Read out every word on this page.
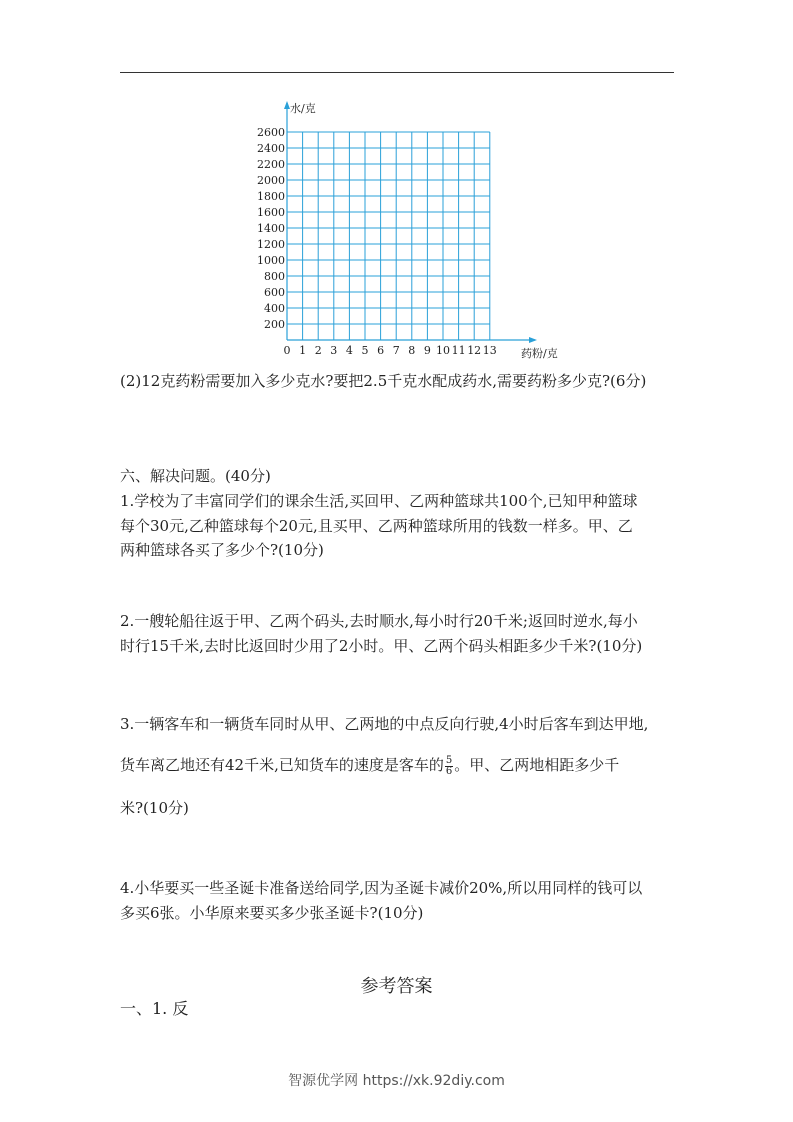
200
400
600
800
1000
1200
1400
1600
1800
2000
2200
2400
2600
0 1 2 3 4 5 6 7 8 9 10 11 12 13
水/克
药粉/克
(2)12克药粉需要加入多少克水?要把2.5千克水配成药水,需要药粉多少克?(6分)
六、解决问题。(40分)
1.学校为了丰富同学们的课余生活,买回甲、乙两种篮球共100个,已知甲种篮球
每个30元,乙种篮球每个20元,且买甲、乙两种篮球所用的钱数一样多。甲、乙
两种篮球各买了多少个?(10分)
2.一艘轮船往返于甲、乙两个码头,去时顺水,每小时行20千米;返回时逆水,每小
时行15千米,去时比返回时少用了2小时。甲、乙两个码头相距多少千米?(10分)
3.一辆客车和一辆货车同时从甲、乙两地的中点反向行驶,4小时后客车到达甲地,
货车离乙地还有42千米,已知货车的速度是客车的 $\frac{5}{6}$ 。甲、乙两地相距多少千
米?(10分)
4.小华要买一些圣诞卡准备送给同学,因为圣诞卡减价20%,所以用同样的钱可以
多买6张。小华原来要买多少张圣诞卡?(10分)
参考答案
一、1. 反
智源优学网 https://xk.92diy.com
